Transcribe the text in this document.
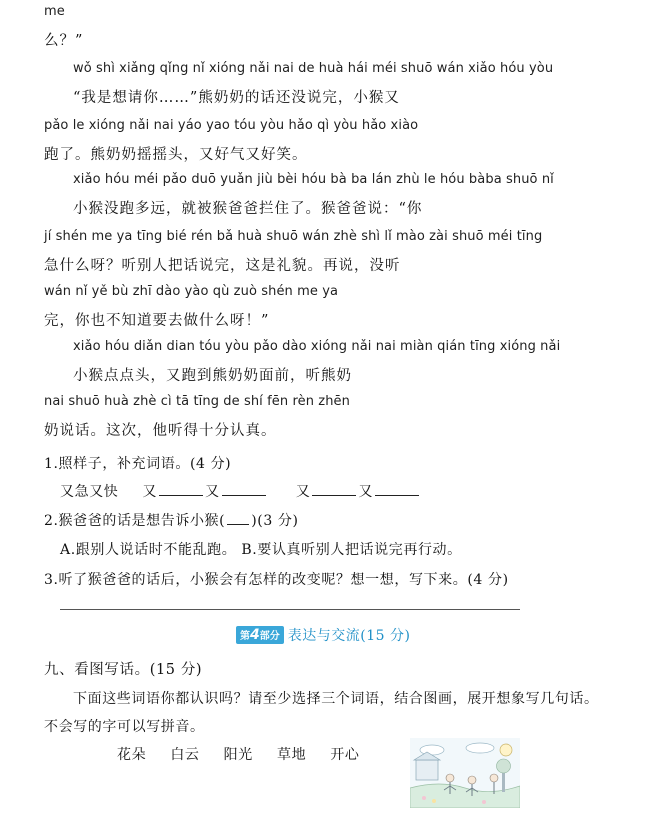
me
么？”
wǒ shì xiǎng qǐng nǐ xióng nǎi nai de huà hái méi shuō wán xiǎo hóu yòu
“我是想请你……”熊奶奶的话还没说完，小猴又
pǎo le xióng nǎi nai yáo yao tóu yòu hǎo qì yòu hǎo xiào
跑了。熊奶奶摇摇头，又好气又好笑。
xiǎo hóu méi pǎo duō yuǎn jiù bèi hóu bà ba lán zhù le hóu bàba shuō nǐ
小猴没跑多远，就被猴爸爸拦住了。猴爸爸说：“你
jí shén me ya tīng bié rén bǎ huà shuō wán zhè shì lǐ mào zài shuō méi tīng
急什么呀？听别人把话说完，这是礼貌。再说，没听
wán nǐ yě bù zhī dào yào qù zuò shén me ya
完，你也不知道要去做什么呀！”
xiǎo hóu diǎn dian tóu yòu pǎo dào xióng nǎi nai miàn qián tīng xióng nǎi
小猴点点头，又跑到熊奶奶面前，听熊奶
nai shuō huà zhè cì tā tīng de shí fēn rèn zhēn
奶说话。这次，他听得十分认真。
1.照样子，补充词语。(4 分)
又急又快 又	又	又	又
2.猴爸爸的话是想告诉小猴( )(3 分)
A.跟别人说话时不能乱跑。 B.要认真听别人把话说完再行动。
3.听了猴爸爸的话后，小猴会有怎样的改变呢？想一想，写下来。(4 分)
第4部分 表达与交流(15 分)
九、看图写话。(15 分)
下面这些词语你都认识吗？请至少选择三个词语，结合图画，展开想象写几句话。
不会写的字可以写拼音。
花朵 白云 阳光 草地 开心
